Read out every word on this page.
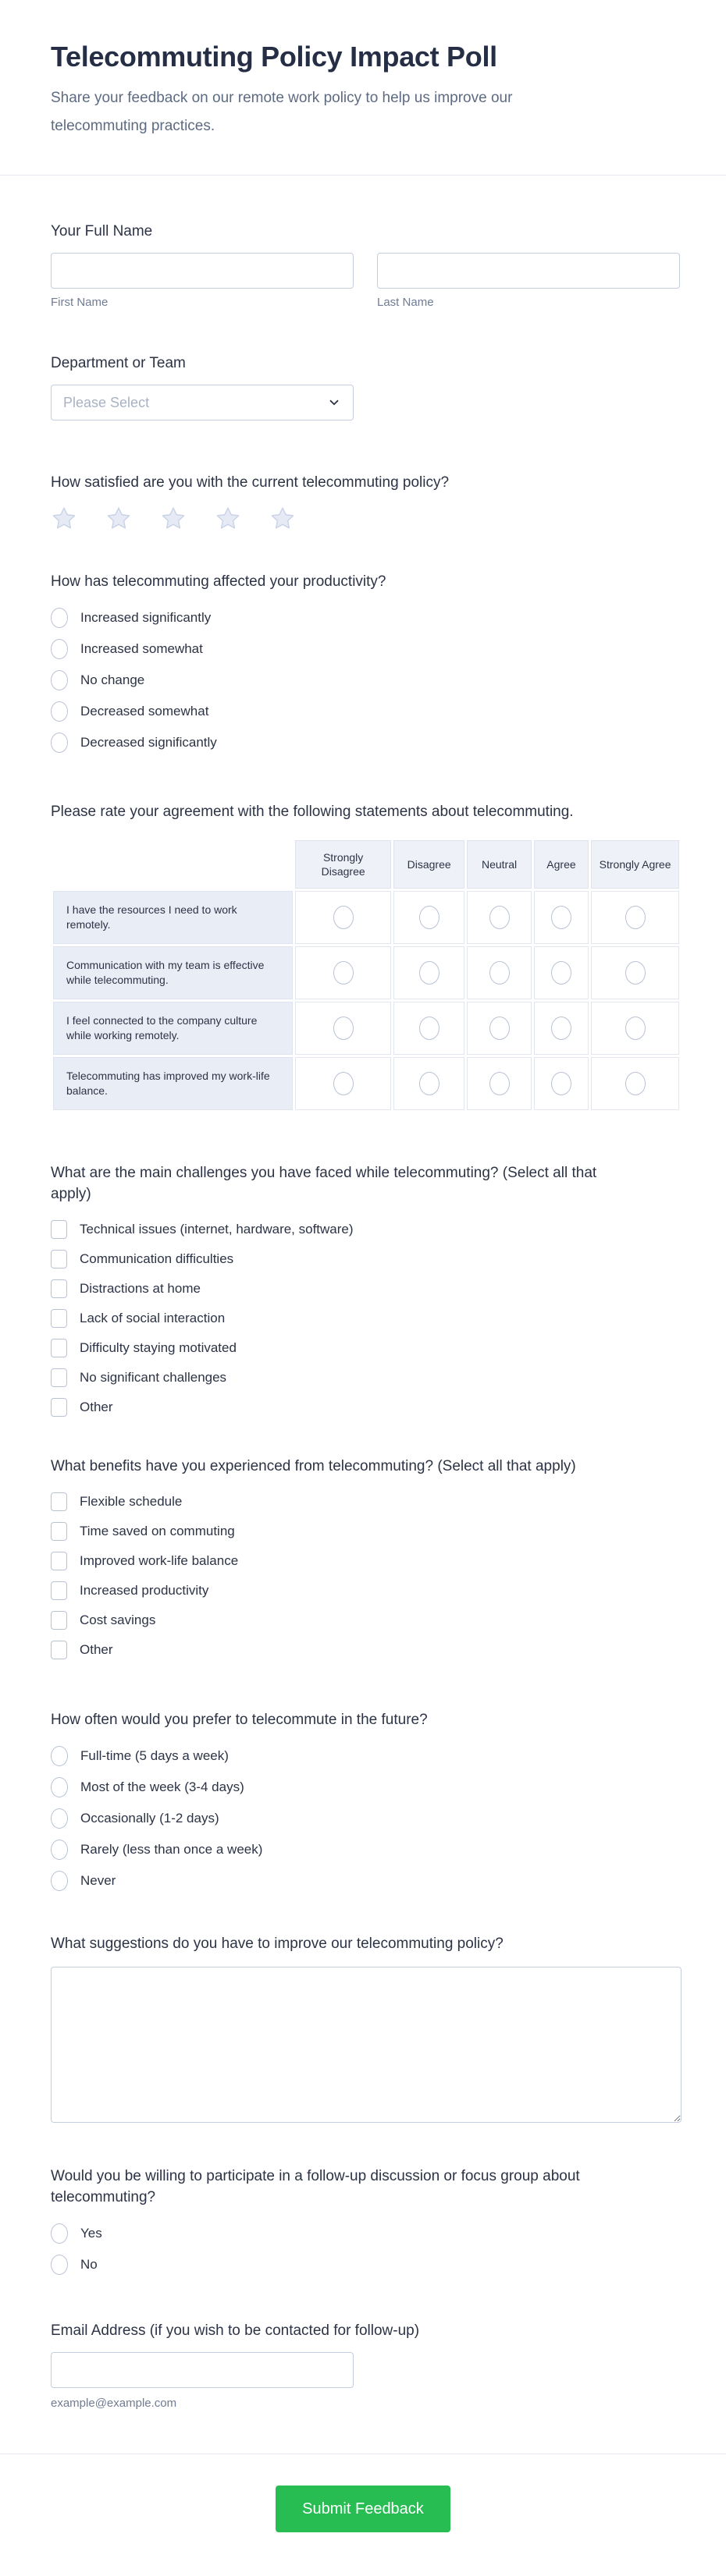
Telecommuting Policy Impact Poll

Share your feedback on our remote work policy to help us improve our telecommuting practices.

Your Full Name
First Name	Last Name
Department or Team
Please Select
How satisfied are you with the current telecommuting policy?
How has telecommuting affected your productivity?
Increased significantly
Increased somewhat
No change
Decreased somewhat
Decreased significantly
Please rate your agreement with the following statements about telecommuting.
	Strongly Disagree	Disagree	Neutral	Agree	Strongly Agree
I have the resources I need to work remotely.	

Communication with my team is effective while telecommuting.	

I feel connected to the company culture while working remotely.	

Telecommuting has improved my work-life balance.	

What are the main challenges you have faced while telecommuting? (Select all that apply)
Technical issues (internet, hardware, software)
Communication difficulties
Distractions at home
Lack of social interaction
Difficulty staying motivated
No significant challenges
Other
What benefits have you experienced from telecommuting? (Select all that apply)
Flexible schedule
Time saved on commuting
Improved work-life balance
Increased productivity
Cost savings
Other
How often would you prefer to telecommute in the future?
Full-time (5 days a week)
Most of the week (3-4 days)
Occasionally (1-2 days)
Rarely (less than once a week)
Never
What suggestions do you have to improve our telecommuting policy?
Would you be willing to participate in a follow-up discussion or focus group about telecommuting?
Yes
No
Email Address (if you wish to be contacted for follow-up)
example@example.com
Submit Feedback
